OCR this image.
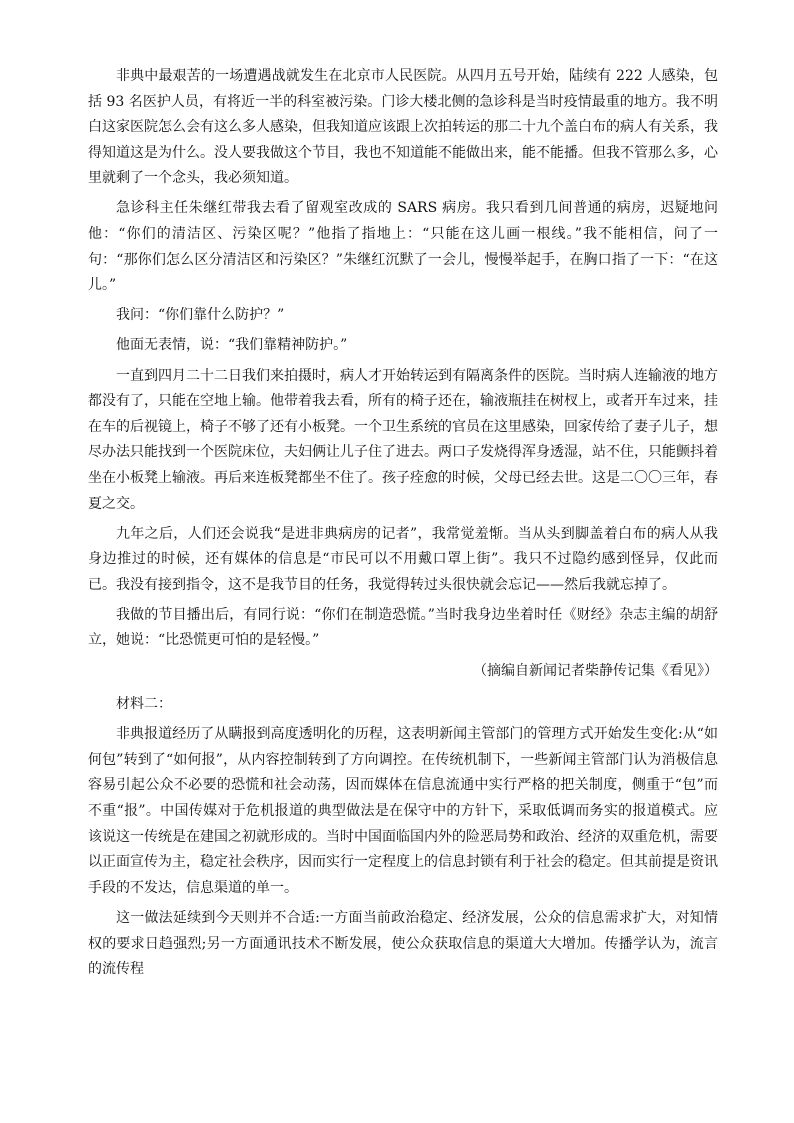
非典中最艰苦的一场遭遇战就发生在北京市人民医院。从四月五号开始，陆续有 222 人感染，包括 93 名医护人员，有将近一半的科室被污染。门诊大楼北侧的急诊科是当时疫情最重的地方。我不明白这家医院怎么会有这么多人感染，但我知道应该跟上次拍转运的那二十九个盖白布的病人有关系，我得知道这是为什么。没人要我做这个节目，我也不知道能不能做出来，能不能播。但我不管那么多，心里就剩了一个念头，我必须知道。

急诊科主任朱继红带我去看了留观室改成的 SARS 病房。我只看到几间普通的病房，迟疑地问他：“你们的清洁区、污染区呢？”他指了指地上：“只能在这儿画一根线。”我不能相信，问了一句：“那你们怎么区分清洁区和污染区？”朱继红沉默了一会儿，慢慢举起手，在胸口指了一下：“在这儿。”

我问：“你们靠什么防护？”

他面无表情，说：“我们靠精神防护。”

一直到四月二十二日我们来拍摄时，病人才开始转运到有隔离条件的医院。当时病人连输液的地方都没有了，只能在空地上输。他带着我去看，所有的椅子还在，输液瓶挂在树杈上，或者开车过来，挂在车的后视镜上，椅子不够了还有小板凳。一个卫生系统的官员在这里感染，回家传给了妻子儿子，想尽办法只能找到一个医院床位，夫妇俩让儿子住了进去。两口子发烧得浑身透湿，站不住，只能颤抖着坐在小板凳上输液。再后来连板凳都坐不住了。孩子痊愈的时候，父母已经去世。这是二〇〇三年，春夏之交。

九年之后，人们还会说我“是进非典病房的记者”，我常觉羞惭。当从头到脚盖着白布的病人从我身边推过的时候，还有媒体的信息是“市民可以不用戴口罩上街”。我只不过隐约感到怪异，仅此而已。我没有接到指令，这不是我节目的任务，我觉得转过头很快就会忘记——然后我就忘掉了。

我做的节目播出后，有同行说：“你们在制造恐慌。”当时我身边坐着时任《财经》杂志主编的胡舒立，她说：“比恐慌更可怕的是轻慢。”

（摘编自新闻记者柴静传记集《看见》）

材料二：

非典报道经历了从瞒报到高度透明化的历程，这表明新闻主管部门的管理方式开始发生变化:从“如何包”转到了“如何报”，从内容控制转到了方向调控。在传统机制下，一些新闻主管部门认为消极信息容易引起公众不必要的恐慌和社会动荡，因而媒体在信息流通中实行严格的把关制度，侧重于“包”而不重“报”。中国传媒对于危机报道的典型做法是在保守中的方针下，采取低调而务实的报道模式。应该说这一传统是在建国之初就形成的。当时中国面临国内外的险恶局势和政治、经济的双重危机，需要以正面宣传为主，稳定社会秩序，因而实行一定程度上的信息封锁有利于社会的稳定。但其前提是资讯手段的不发达，信息渠道的单一。

这一做法延续到今天则并不合适:一方面当前政治稳定、经济发展，公众的信息需求扩大，对知情权的要求日趋强烈;另一方面通讯技术不断发展，使公众获取信息的渠道大大增加。传播学认为，流言的流传程
